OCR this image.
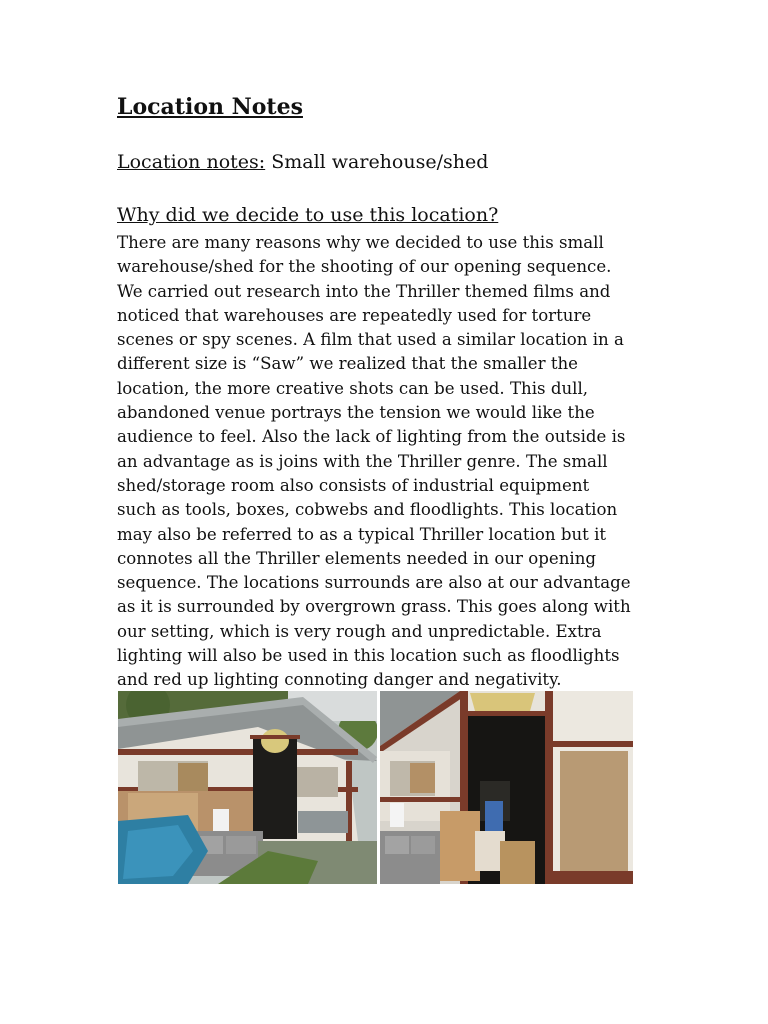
Location Notes
Location notes: Small warehouse/shed
Why did we decide to use this location?
There are many reasons why we decided to use this small
warehouse/shed for the shooting of our opening sequence.
We carried out research into the Thriller themed films and
noticed that warehouses are repeatedly used for torture
scenes or spy scenes. A film that used a similar location in a
different size is “Saw” we realized that the smaller the
location, the more creative shots can be used. This dull,
abandoned venue portrays the tension we would like the
audience to feel. Also the lack of lighting from the outside is
an advantage as is joins with the Thriller genre. The small
shed/storage room also consists of industrial equipment
such as tools, boxes, cobwebs and floodlights. This location
may also be referred to as a typical Thriller location but it
connotes all the Thriller elements needed in our opening
sequence. The locations surrounds are also at our advantage
as it is surrounded by overgrown grass. This goes along with
our setting, which is very rough and unpredictable. Extra
lighting will also be used in this location such as floodlights
and red up lighting connoting danger and negativity.
